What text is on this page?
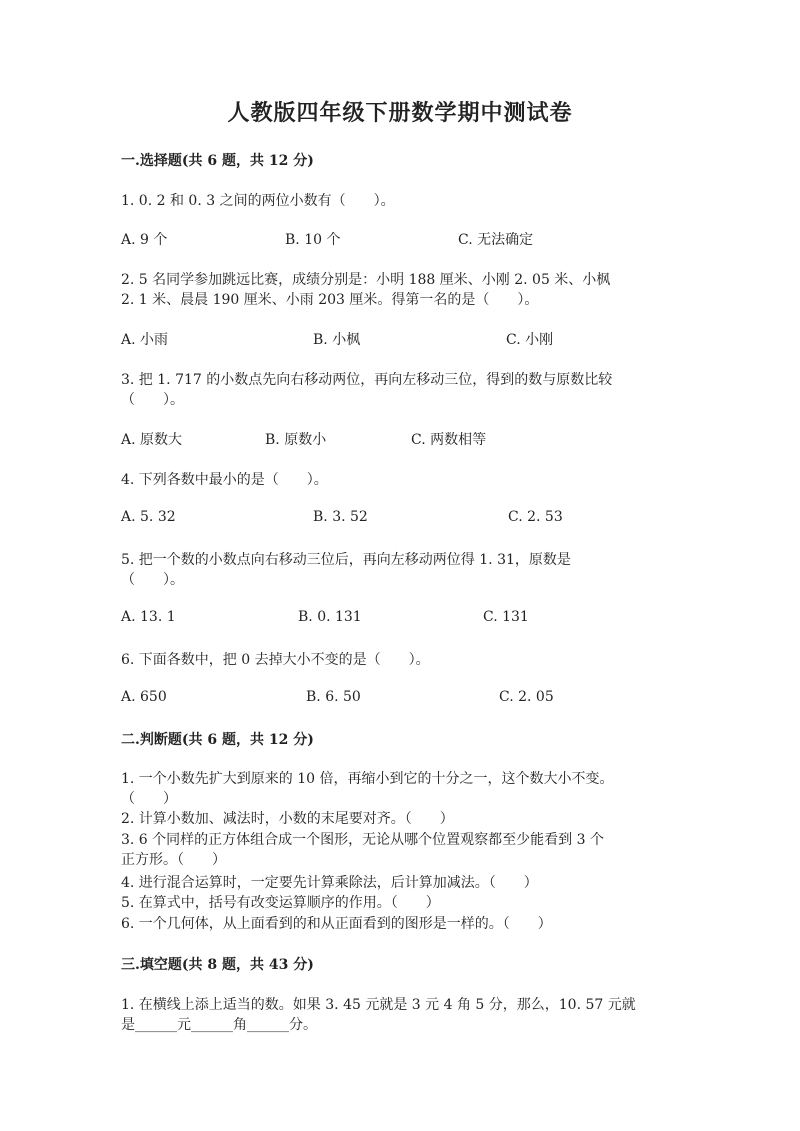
人教版四年级下册数学期中测试卷
一.选择题(共 6 题，共 12 分)
1. 0. 2 和 0. 3 之间的两位小数有（　　）。
A. 9 个	B. 10 个	C. 无法确定
2. 5 名同学参加跳远比赛，成绩分别是：小明 188 厘米、小刚 2. 05 米、小枫
2. 1 米、晨晨 190 厘米、小雨 203 厘米。得第一名的是（　　）。
A. 小雨	B. 小枫	C. 小刚
3. 把 1. 717 的小数点先向右移动两位，再向左移动三位，得到的数与原数比较
（　　）。
A. 原数大	B. 原数小	C. 两数相等
4. 下列各数中最小的是（　　）。
A. 5. 32	B. 3. 52	C. 2. 53
5. 把一个数的小数点向右移动三位后，再向左移动两位得 1. 31，原数是
（　　）。
A. 13. 1	B. 0. 131	C. 131
6. 下面各数中，把 0 去掉大小不变的是（　　）。
A. 650	B. 6. 50	C. 2. 05
二.判断题(共 6 题，共 12 分)
1. 一个小数先扩大到原来的 10 倍，再缩小到它的十分之一，这个数大小不变。
（　　）
2. 计算小数加、减法时，小数的末尾要对齐。（　　）
3. 6 个同样的正方体组合成一个图形，无论从哪个位置观察都至少能看到 3 个
正方形。（　　）
4. 进行混合运算时，一定要先计算乘除法，后计算加减法。（　　）
5. 在算式中，括号有改变运算顺序的作用。（　　）
6. 一个几何体，从上面看到的和从正面看到的图形是一样的。（　　）
三.填空题(共 8 题，共 43 分)
1. 在横线上添上适当的数。如果 3. 45 元就是 3 元 4 角 5 分，那么，10. 57 元就
是______元______角______分。
